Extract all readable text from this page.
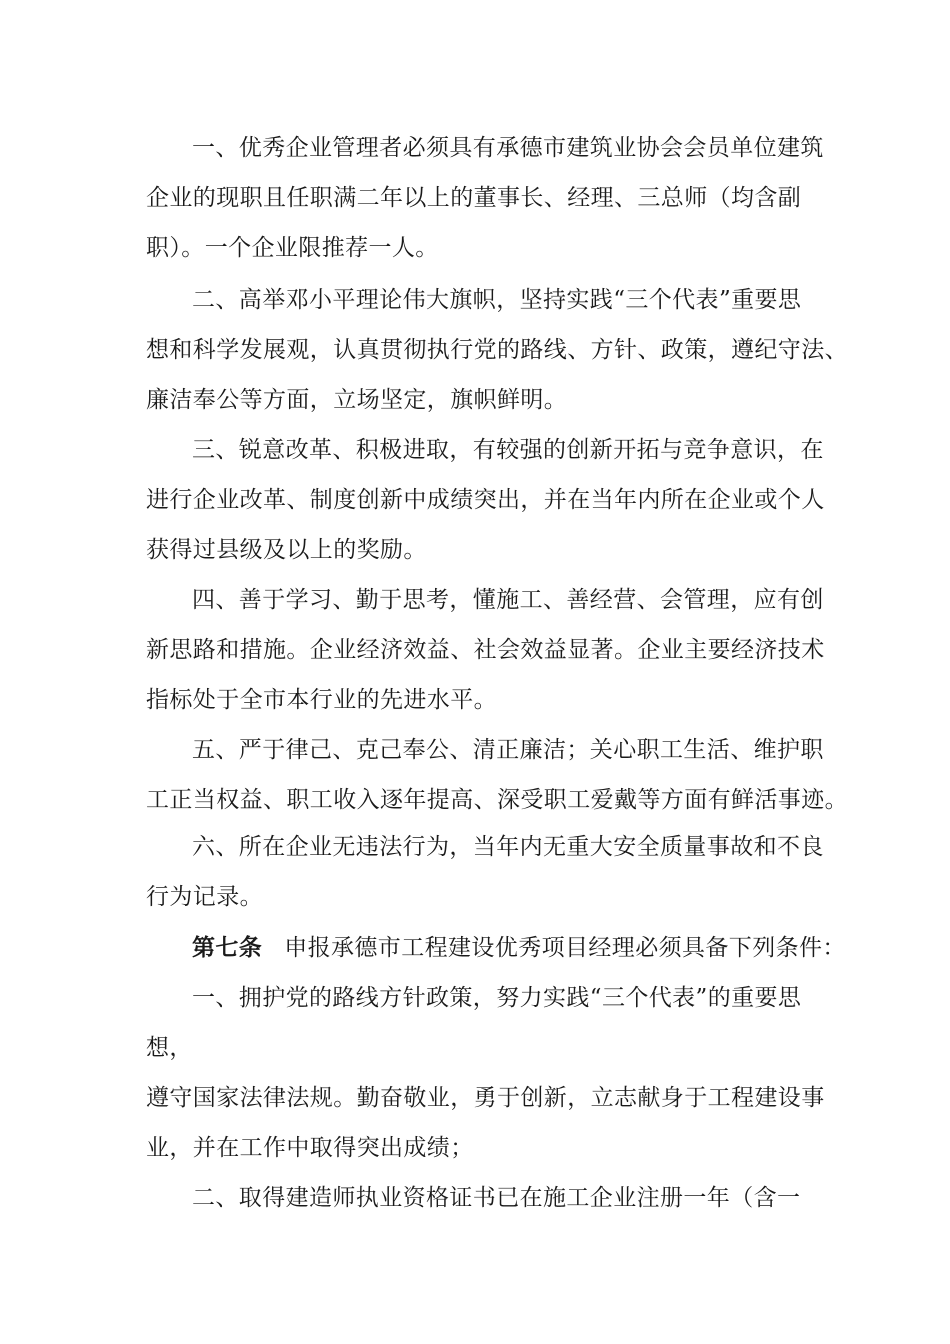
一、优秀企业管理者必须具有承德市建筑业协会会员单位建筑
企业的现职且任职满二年以上的董事长、经理、三总师（均含副
职）。一个企业限推荐一人。
二、高举邓小平理论伟大旗帜，坚持实践“三个代表”重要思
想和科学发展观，认真贯彻执行党的路线、方针、政策，遵纪守法、
廉洁奉公等方面，立场坚定，旗帜鲜明。
三、锐意改革、积极进取，有较强的创新开拓与竞争意识，在
进行企业改革、制度创新中成绩突出，并在当年内所在企业或个人
获得过县级及以上的奖励。
四、善于学习、勤于思考，懂施工、善经营、会管理，应有创
新思路和措施。企业经济效益、社会效益显著。企业主要经济技术
指标处于全市本行业的先进水平。
五、严于律己、克己奉公、清正廉洁；关心职工生活、维护职
工正当权益、职工收入逐年提高、深受职工爱戴等方面有鲜活事迹。
六、所在企业无违法行为，当年内无重大安全质量事故和不良
行为记录。
第七条 申报承德市工程建设优秀项目经理必须具备下列条件：
一、拥护党的路线方针政策，努力实践“三个代表”的重要思
想，
遵守国家法律法规。勤奋敬业，勇于创新，立志献身于工程建设事
业，并在工作中取得突出成绩；
二、取得建造师执业资格证书已在施工企业注册一年（含一
